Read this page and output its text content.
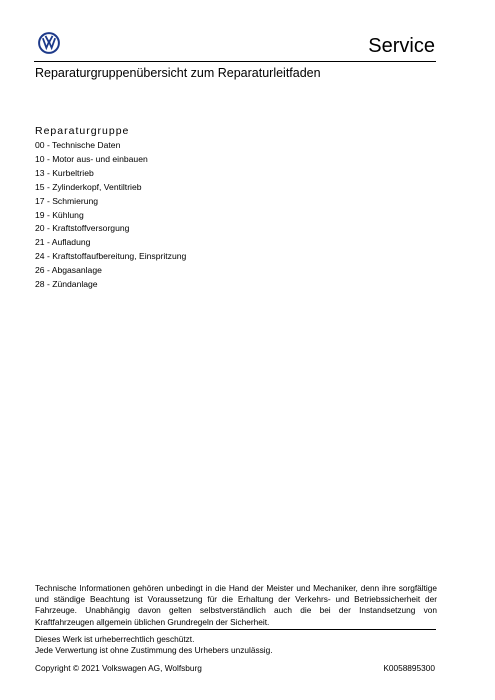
Service
Reparaturgruppenübersicht zum Reparaturleitfaden
Reparaturgruppe
00 - Technische Daten
10 - Motor aus- und einbauen
13 - Kurbeltrieb
15 - Zylinderkopf, Ventiltrieb
17 - Schmierung
19 - Kühlung
20 - Kraftstoffversorgung
21 - Aufladung
24 - Kraftstoffaufbereitung, Einspritzung
26 - Abgasanlage
28 - Zündanlage

Technische Informationen gehören unbedingt in die Hand der Meister und Mechaniker, denn ihre sorgfältige und ständige Beachtung ist Voraussetzung für die Erhaltung der Verkehrs- und Betriebssicherheit der Fahrzeuge. Unabhängig davon gelten selbstverständlich auch die bei der Instandsetzung von Kraftfahrzeugen allgemein üblichen Grundregeln der Sicherheit.

Dieses Werk ist urheberrechtlich geschützt.
Jede Verwertung ist ohne Zustimmung des Urhebers unzulässig.
Copyright © 2021 Volkswagen AG, Wolfsburg	K0058895300
